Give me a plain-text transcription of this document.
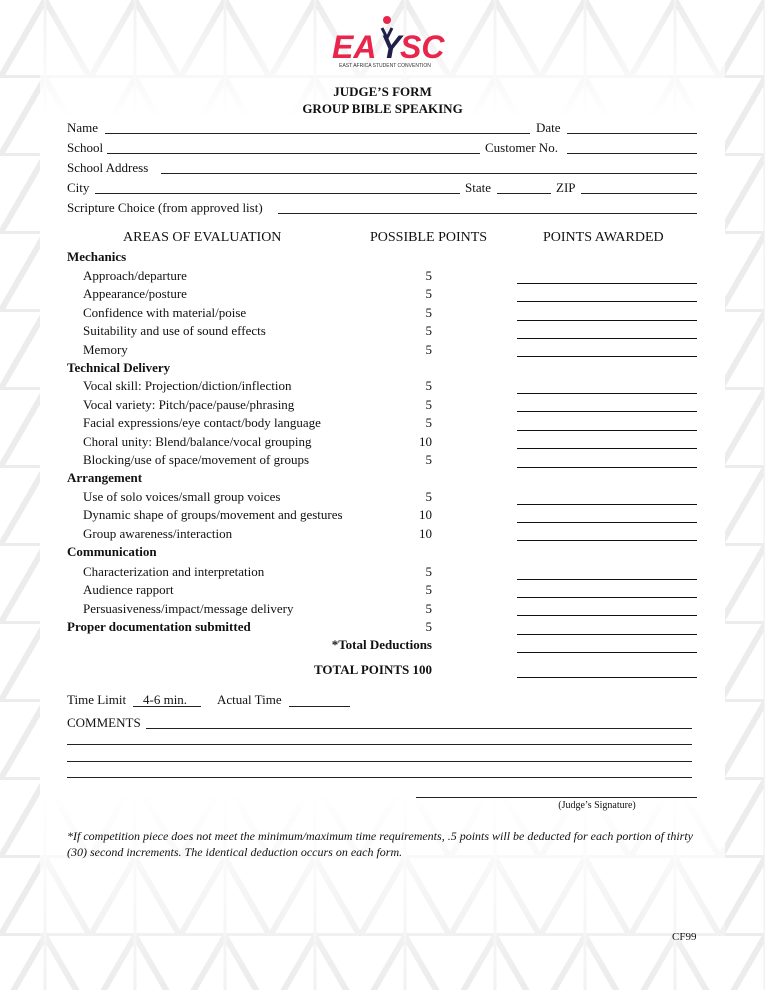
EA Y
SC
EAST AFRICA STUDENT CONVENTION
JUDGE’S FORM
GROUP BIBLE SPEAKING
Name	Date
School	Customer No.
School Address
City	State	ZIP
Scripture Choice (from approved list)
AREAS OF EVALUATION	POSSIBLE POINTS	POINTS AWARDED
Mechanics
Approach/departure	5
Appearance/posture	5
Confidence with material/poise	5
Suitability and use of sound effects	5
Memory	5
Technical Delivery
Vocal skill: Projection/diction/inflection	5
Vocal variety: Pitch/pace/pause/phrasing	5
Facial expressions/eye contact/body language	5
Choral unity: Blend/balance/vocal grouping	10
Blocking/use of space/movement of groups	5
Arrangement
Use of solo voices/small group voices	5
Dynamic shape of groups/movement and gestures	10
Group awareness/interaction	10
Communication
Characterization and interpretation	5
Audience rapport	5
Persuasiveness/impact/message delivery	5
Proper documentation submitted	5
*Total Deductions
TOTAL POINTS 100
Time Limit 4-6 min. Actual Time
COMMENTS
(Judge’s Signature)
*If competition piece does not meet the minimum/maximum time requirements, .5 points will be deducted for each portion of thirty (30) second increments. The identical deduction occurs on each form.
CF99
